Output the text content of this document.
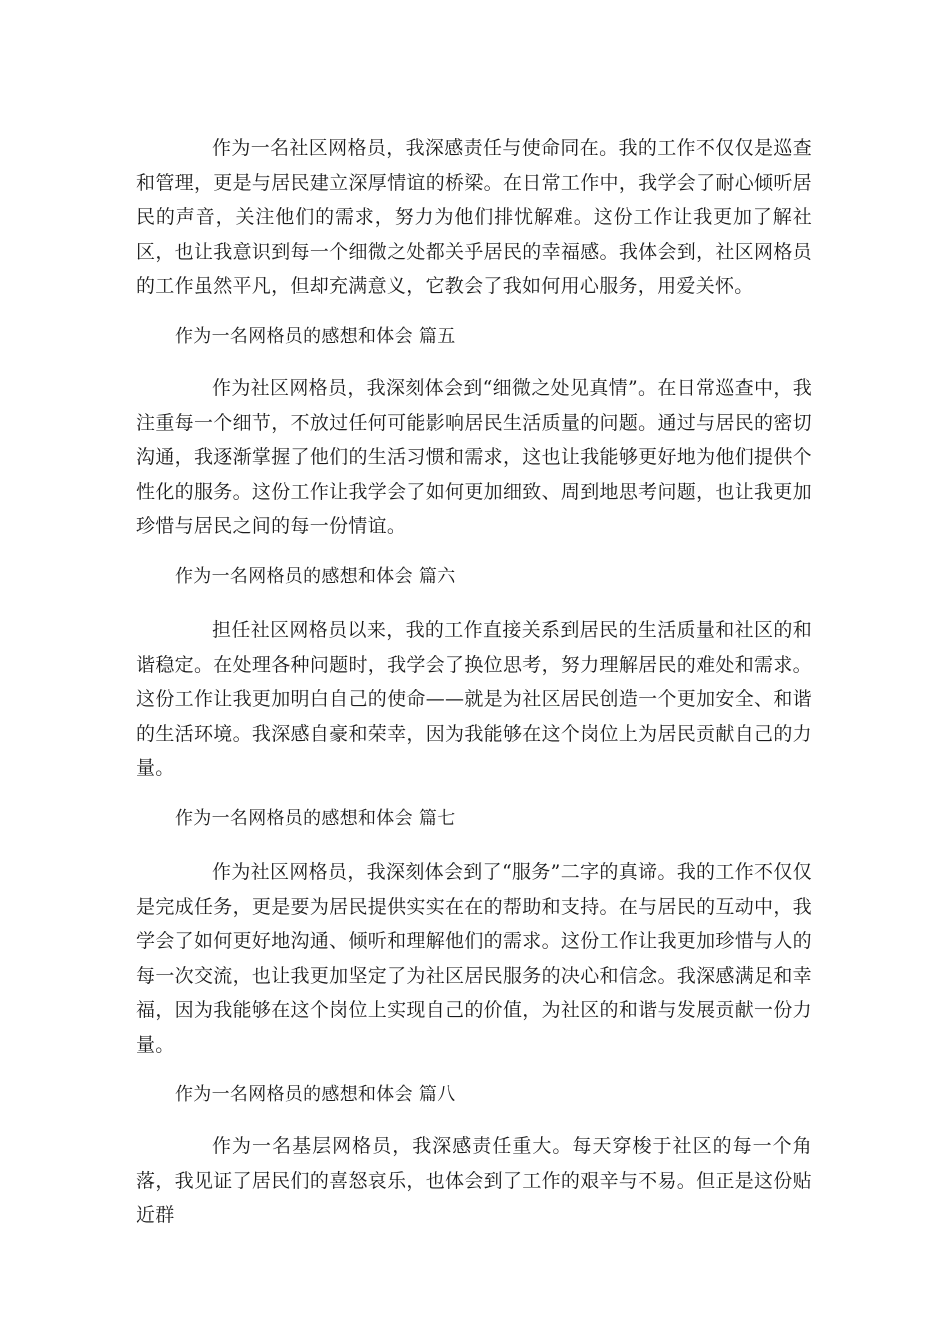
作为一名社区网格员，我深感责任与使命同在。我的工作不仅仅是巡查和管理，更是与居民建立深厚情谊的桥梁。在日常工作中，我学会了耐心倾听居民的声音，关注他们的需求，努力为他们排忧解难。这份工作让我更加了解社区，也让我意识到每一个细微之处都关乎居民的幸福感。我体会到，社区网格员的工作虽然平凡，但却充满意义，它教会了我如何用心服务，用爱关怀。

作为一名网格员的感想和体会 篇五

作为社区网格员，我深刻体会到“细微之处见真情”。在日常巡查中，我注重每一个细节，不放过任何可能影响居民生活质量的问题。通过与居民的密切沟通，我逐渐掌握了他们的生活习惯和需求，这也让我能够更好地为他们提供个性化的服务。这份工作让我学会了如何更加细致、周到地思考问题，也让我更加珍惜与居民之间的每一份情谊。

作为一名网格员的感想和体会 篇六

担任社区网格员以来，我的工作直接关系到居民的生活质量和社区的和谐稳定。在处理各种问题时，我学会了换位思考，努力理解居民的难处和需求。这份工作让我更加明白自己的使命——就是为社区居民创造一个更加安全、和谐的生活环境。我深感自豪和荣幸，因为我能够在这个岗位上为居民贡献自己的力量。

作为一名网格员的感想和体会 篇七

作为社区网格员，我深刻体会到了“服务”二字的真谛。我的工作不仅仅是完成任务，更是要为居民提供实实在在的帮助和支持。在与居民的互动中，我学会了如何更好地沟通、倾听和理解他们的需求。这份工作让我更加珍惜与人的每一次交流，也让我更加坚定了为社区居民服务的决心和信念。我深感满足和幸福，因为我能够在这个岗位上实现自己的价值，为社区的和谐与发展贡献一份力量。

作为一名网格员的感想和体会 篇八

作为一名基层网格员，我深感责任重大。每天穿梭于社区的每一个角落，我见证了居民们的喜怒哀乐，也体会到了工作的艰辛与不易。但正是这份贴近群
